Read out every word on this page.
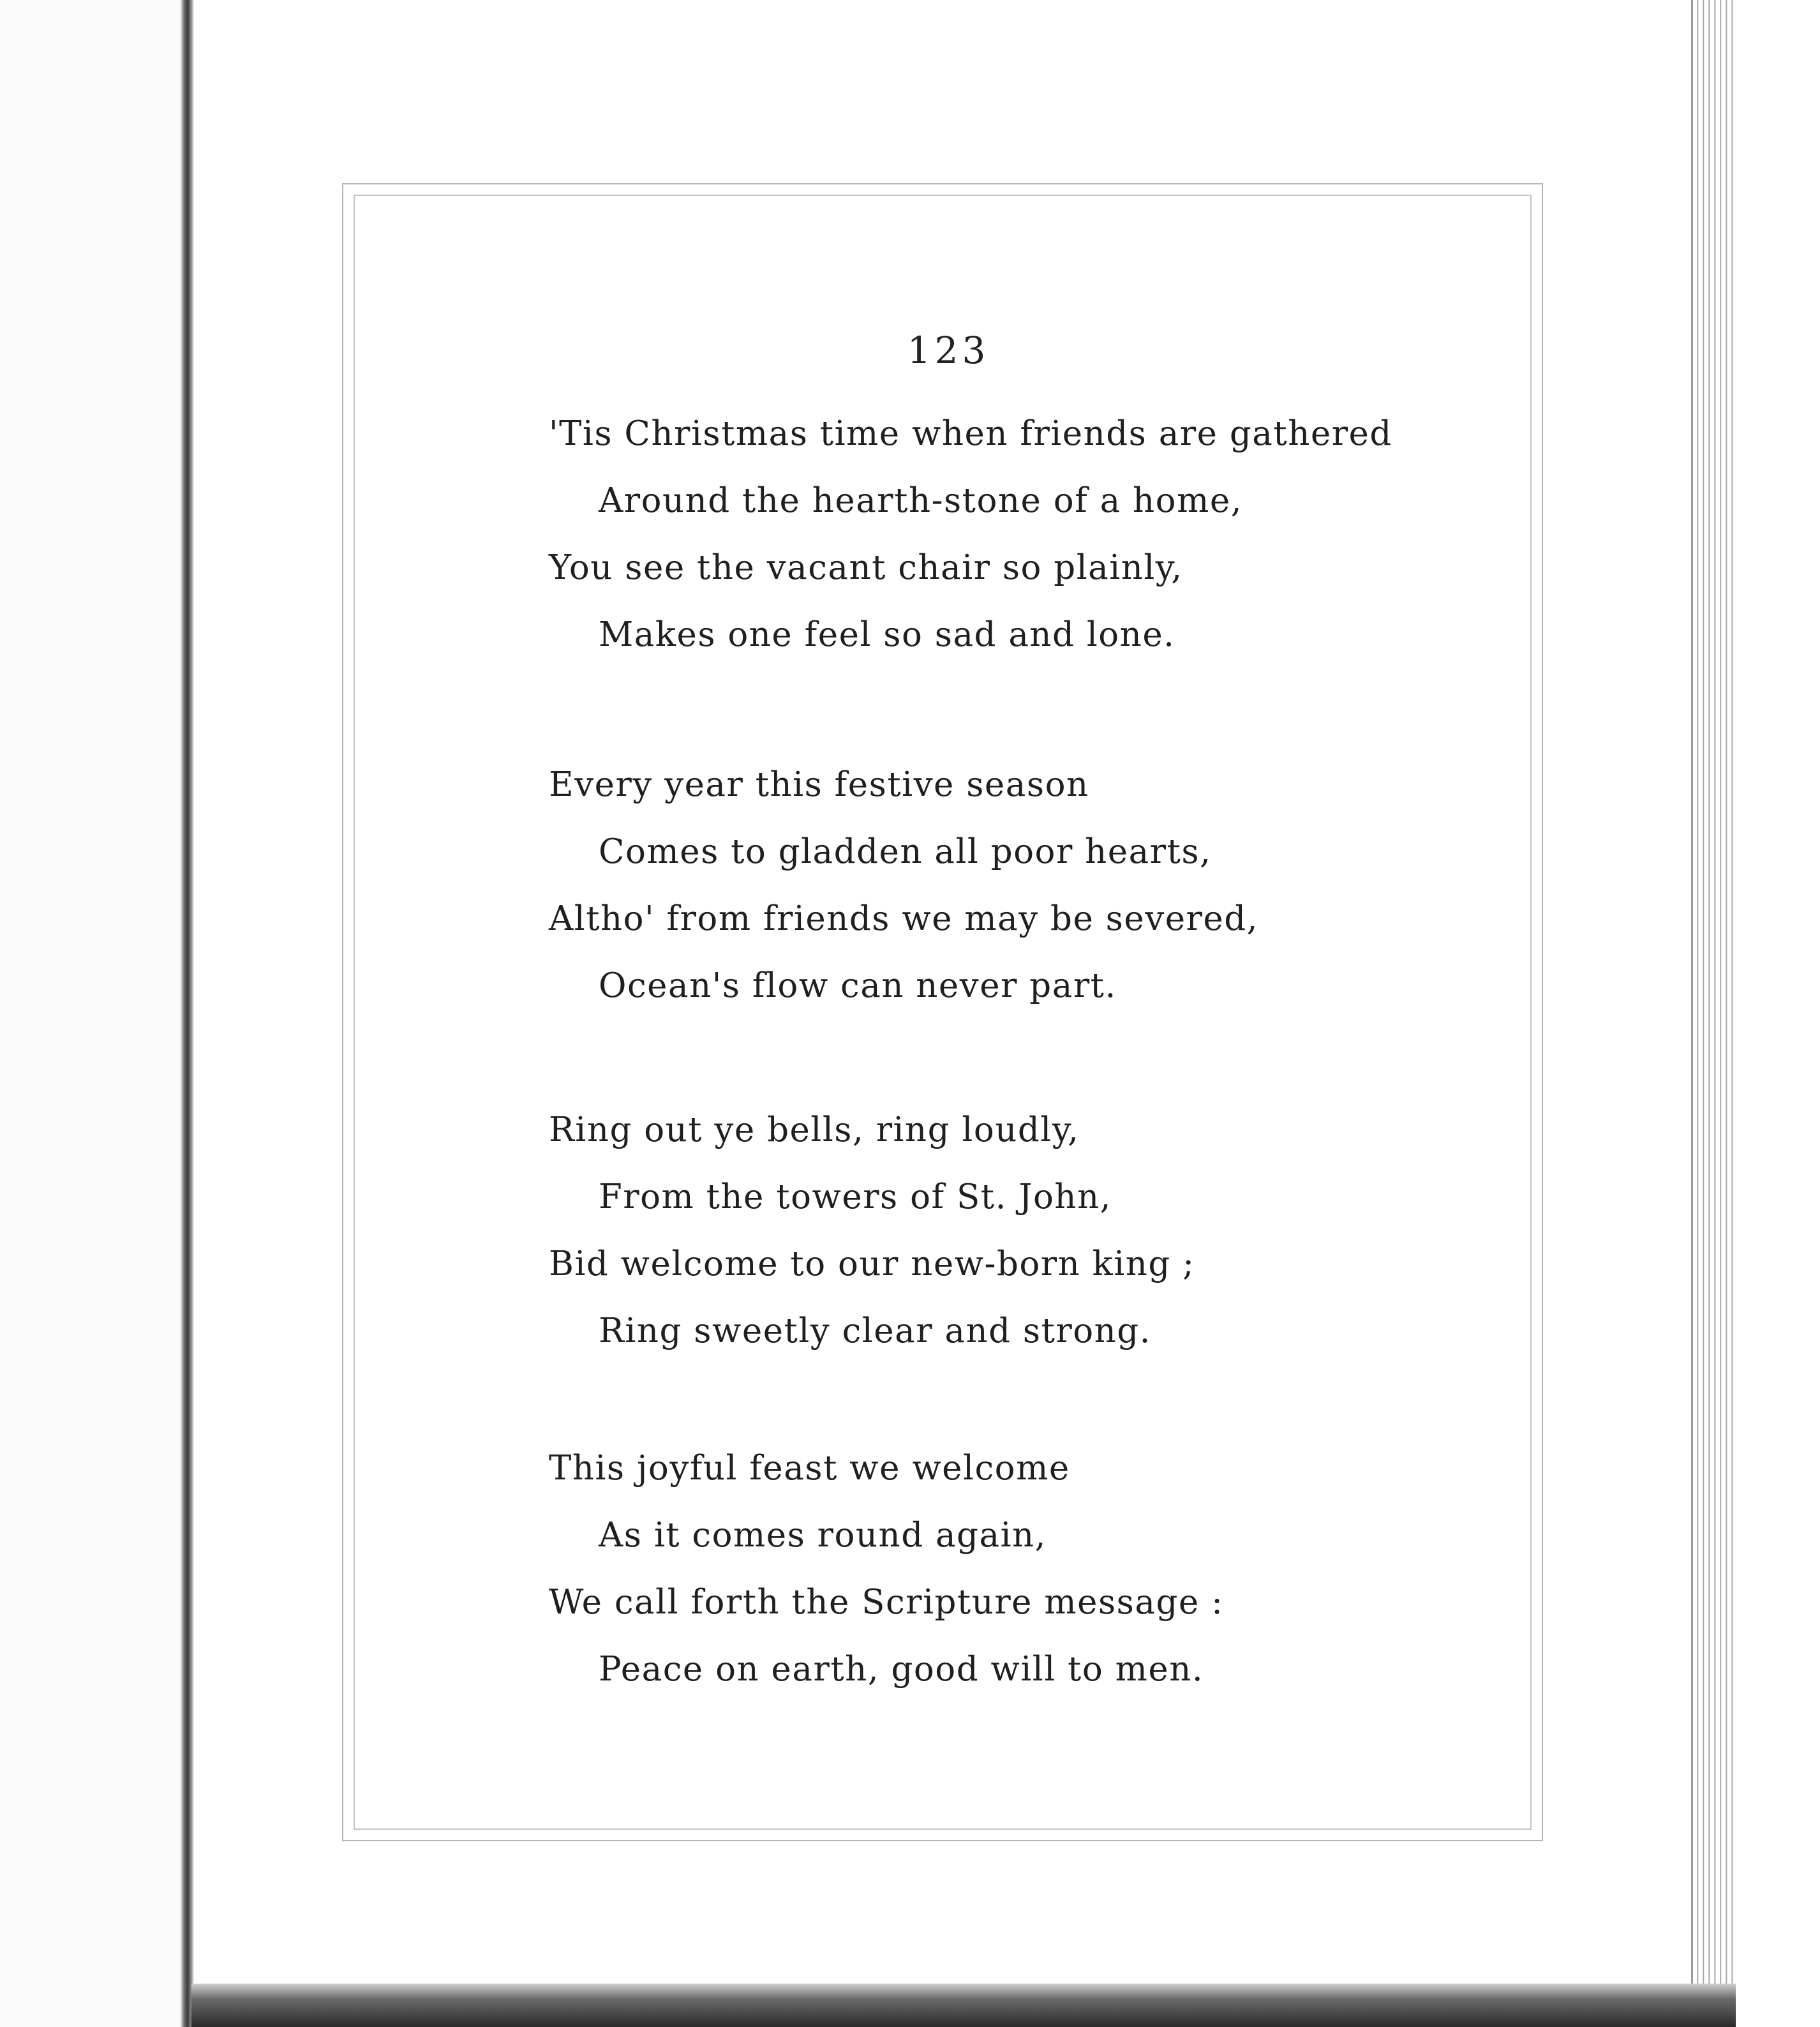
123
'Tis Christmas time when friends are gathered
Around the hearth-stone of a home,
You see the vacant chair so plainly,
Makes one feel so sad and lone.
Every year this festive season
Comes to gladden all poor hearts,
Altho' from friends we may be severed,
Ocean's flow can never part.
Ring out ye bells, ring loudly,
From the towers of St. John,
Bid welcome to our new-born king ;
Ring sweetly clear and strong.
This joyful feast we welcome
As it comes round again,
We call forth the Scripture message :
Peace on earth, good will to men.
